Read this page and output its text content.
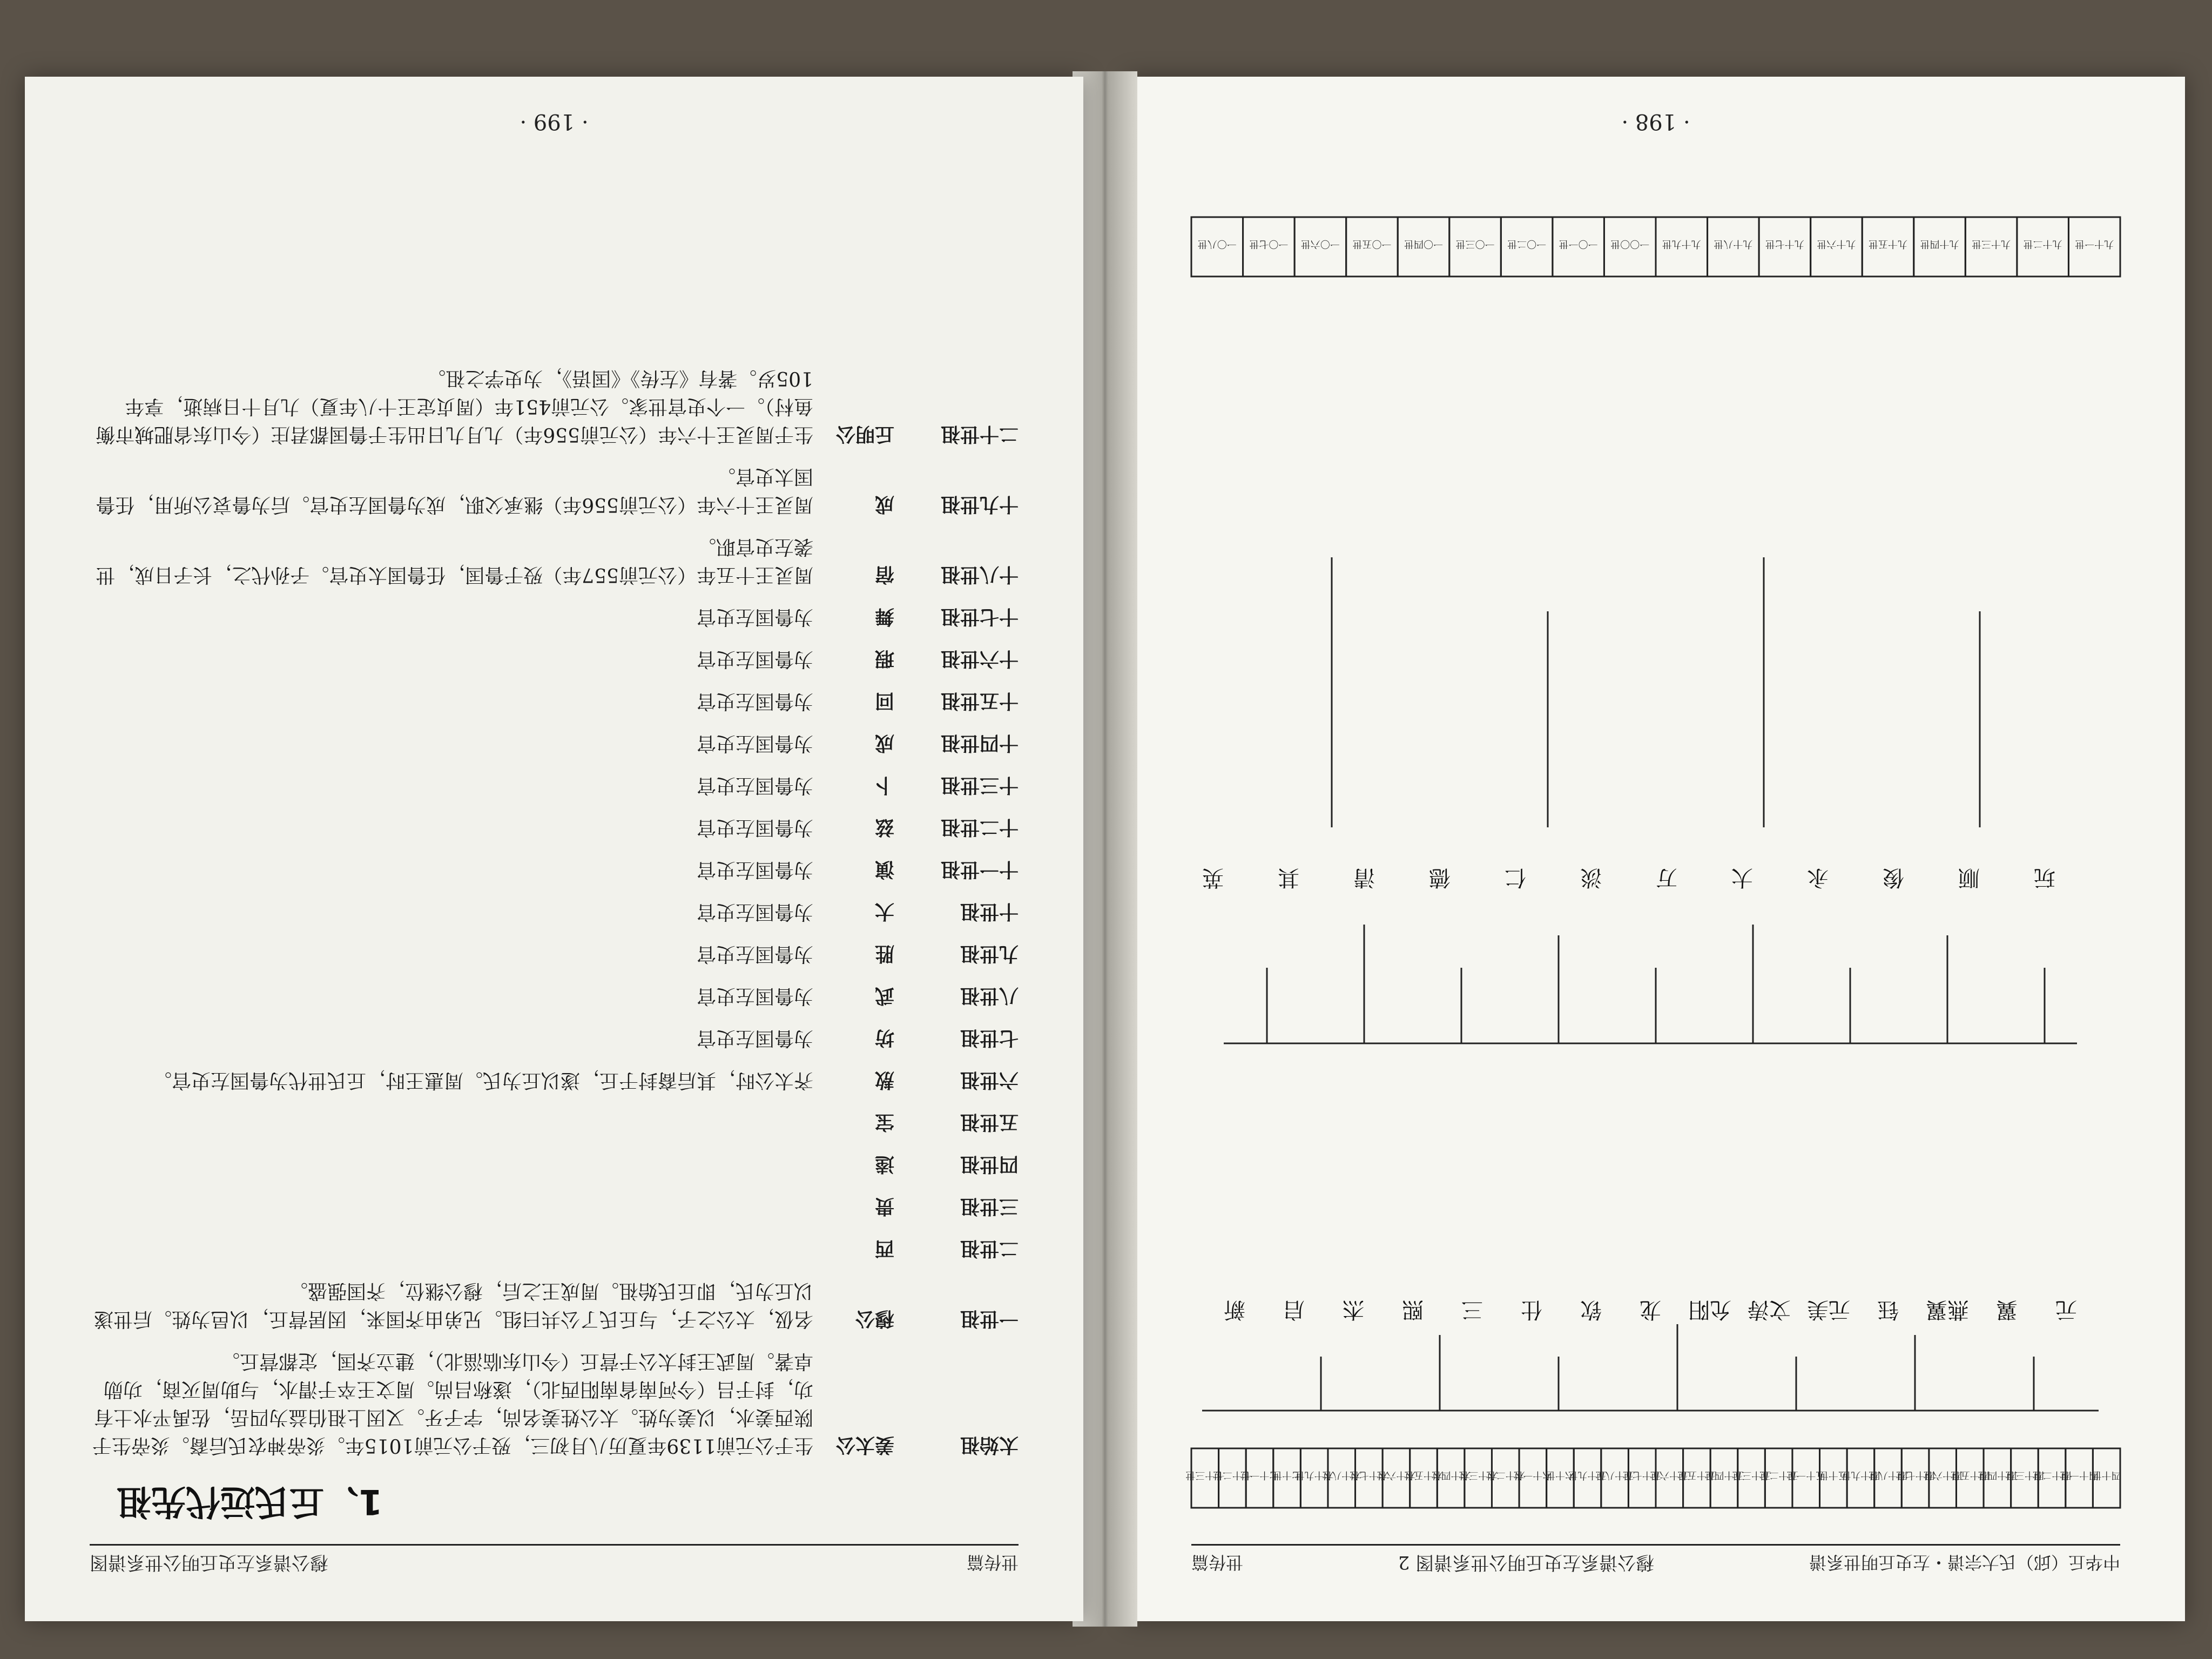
中华丘（邱）氏大宗谱・左史丘明世系谱
穆公谱系左史丘明公世系谱图 2
世传篇
四十世
四十一世
四十二世
四十三世
四十四世
四十五世
四十六世
四十七世
四十八世
四十九世
五十世
五十一世
五十二世
五十三世
五十四世
五十五世
五十六世
五十七世
五十八世
五十九世
六十世
六十一世
六十二世
六十三世
六十四世
六十五世
六十六世
六十七世
六十八世
六十九世
七十世
七十一世
七十二世
七十三世
九十一世
九十二世
九十三世
九十四世
九十五世
九十六世
九十七世
九十八世
九十九世
一〇〇世
一〇一世
一〇二世
一〇三世
一〇四世
一〇五世
一〇六世
一〇七世
一〇八世
元
翼
燕翼
钰
元美
文涛
允阳
龙
钦
仕
三
熙
杰
启
新
玩
顺
俊
永
大
万
淡
仁
德
清
其
英
· 198 ·
世传篇
穆公谱系左史丘明公世系谱图
1、丘氏远代先祖
太始祖
姜太公
生于公元前1139年夏历八月初三，殁于公元前1015年。炎帝神农氏后裔。炎帝生于陕西姜水，以姜为姓。太公姓姜名尚，字子牙。又因上祖伯益为四岳，佐禹平水土有功，封于吕（今河南省南阳西北），遂称吕尚。周文王卒于渭水，与助周灭商，功勋卓著。周武王封太公于营丘（今山东临淄北），建立齐国，定都营丘。
一世祖
穆公
名伋，太公之子，与丘氏了公共曰组。兄弟由齐国来，因居营丘，以邑为姓。后世遂以丘为氏，即丘氏始祖。周成王之后，穆公继位，齐国强盛。
二世祖
西
三世祖
贵
四世祖
逵
五世祖
宝
六世祖
敖
齐太公时，其后裔封于丘，遂以丘为氏。周惠王时，丘氏世代为鲁国左史官。
七世祖
坊
为鲁国左史官
八世祖
武
为鲁国左史官
九世祖
胜
为鲁国左史官
十世祖
大
为鲁国左史官
十一世祖
演
为鲁国左史官
十二世祖
兹
为鲁国左史官
十三世祖
卜
为鲁国左史官
十四世祖
成
为鲁国左史官
十五世祖
回
为鲁国左史官
十六世祖
瑕
为鲁国左史官
十七世祖
舞
为鲁国左史官
十八世祖
宿
周灵王十五年（公元前557年）殁于鲁国，任鲁国太史官。子孙代之，长子日成，世袭左史官职。
十九世祖
成
周灵王十六年（公元前556年）继承父职，成为鲁国左史官。后为鲁哀公所用，任鲁国太史官。
二十世祖
丘明公
生于周灵王十六年（公元前556年）九月九日出生于鲁国都君庄（今山东省肥城市衡鱼村）。一个史官世家。公元前451年（周贞定王十八年夏）九月十日病逝，享年105岁。著有《左传》《国语》，为史学之祖。
· 199 ·
